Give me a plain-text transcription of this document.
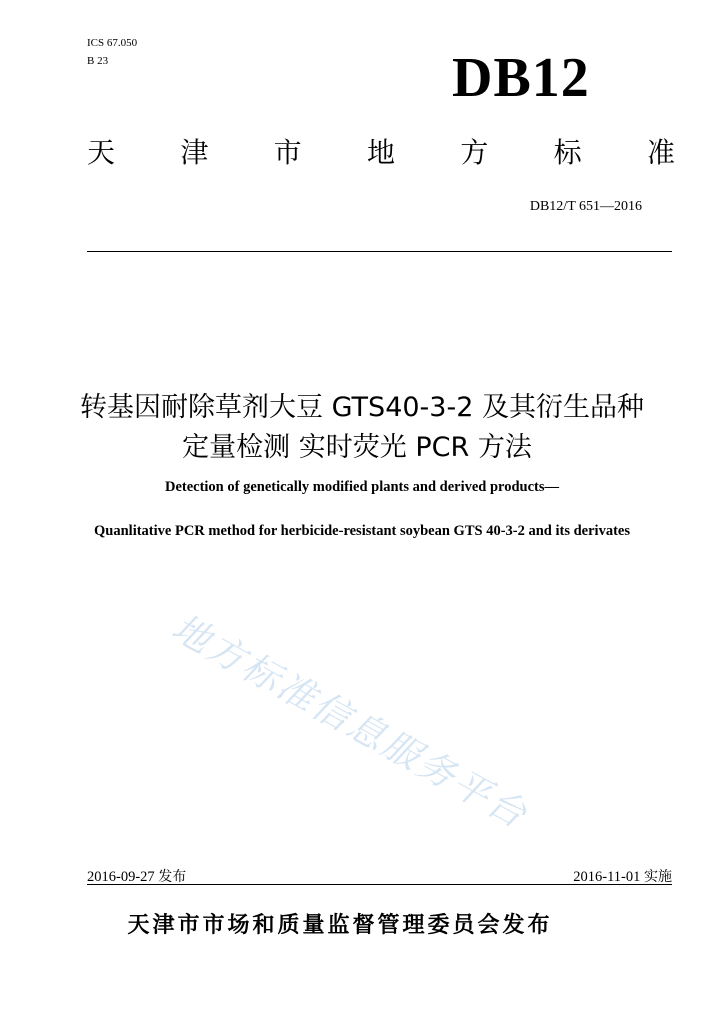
ICS 67.050
B 23	DB12
天 津 市 地 方 标 准
DB12/T 651—2016
转基因耐除草剂大豆 GTS40-3-2 及其衍生品种
定量检测 实时荧光 PCR 方法
Detection of genetically modified plants and derived products—
Quanlitative PCR method for herbicide-resistant soybean GTS 40-3-2 and its derivates
地方标准信息服务平台
2016-09-27 发布	2016-11-01 实施
天津市市场和质量监督管理委员会发布
